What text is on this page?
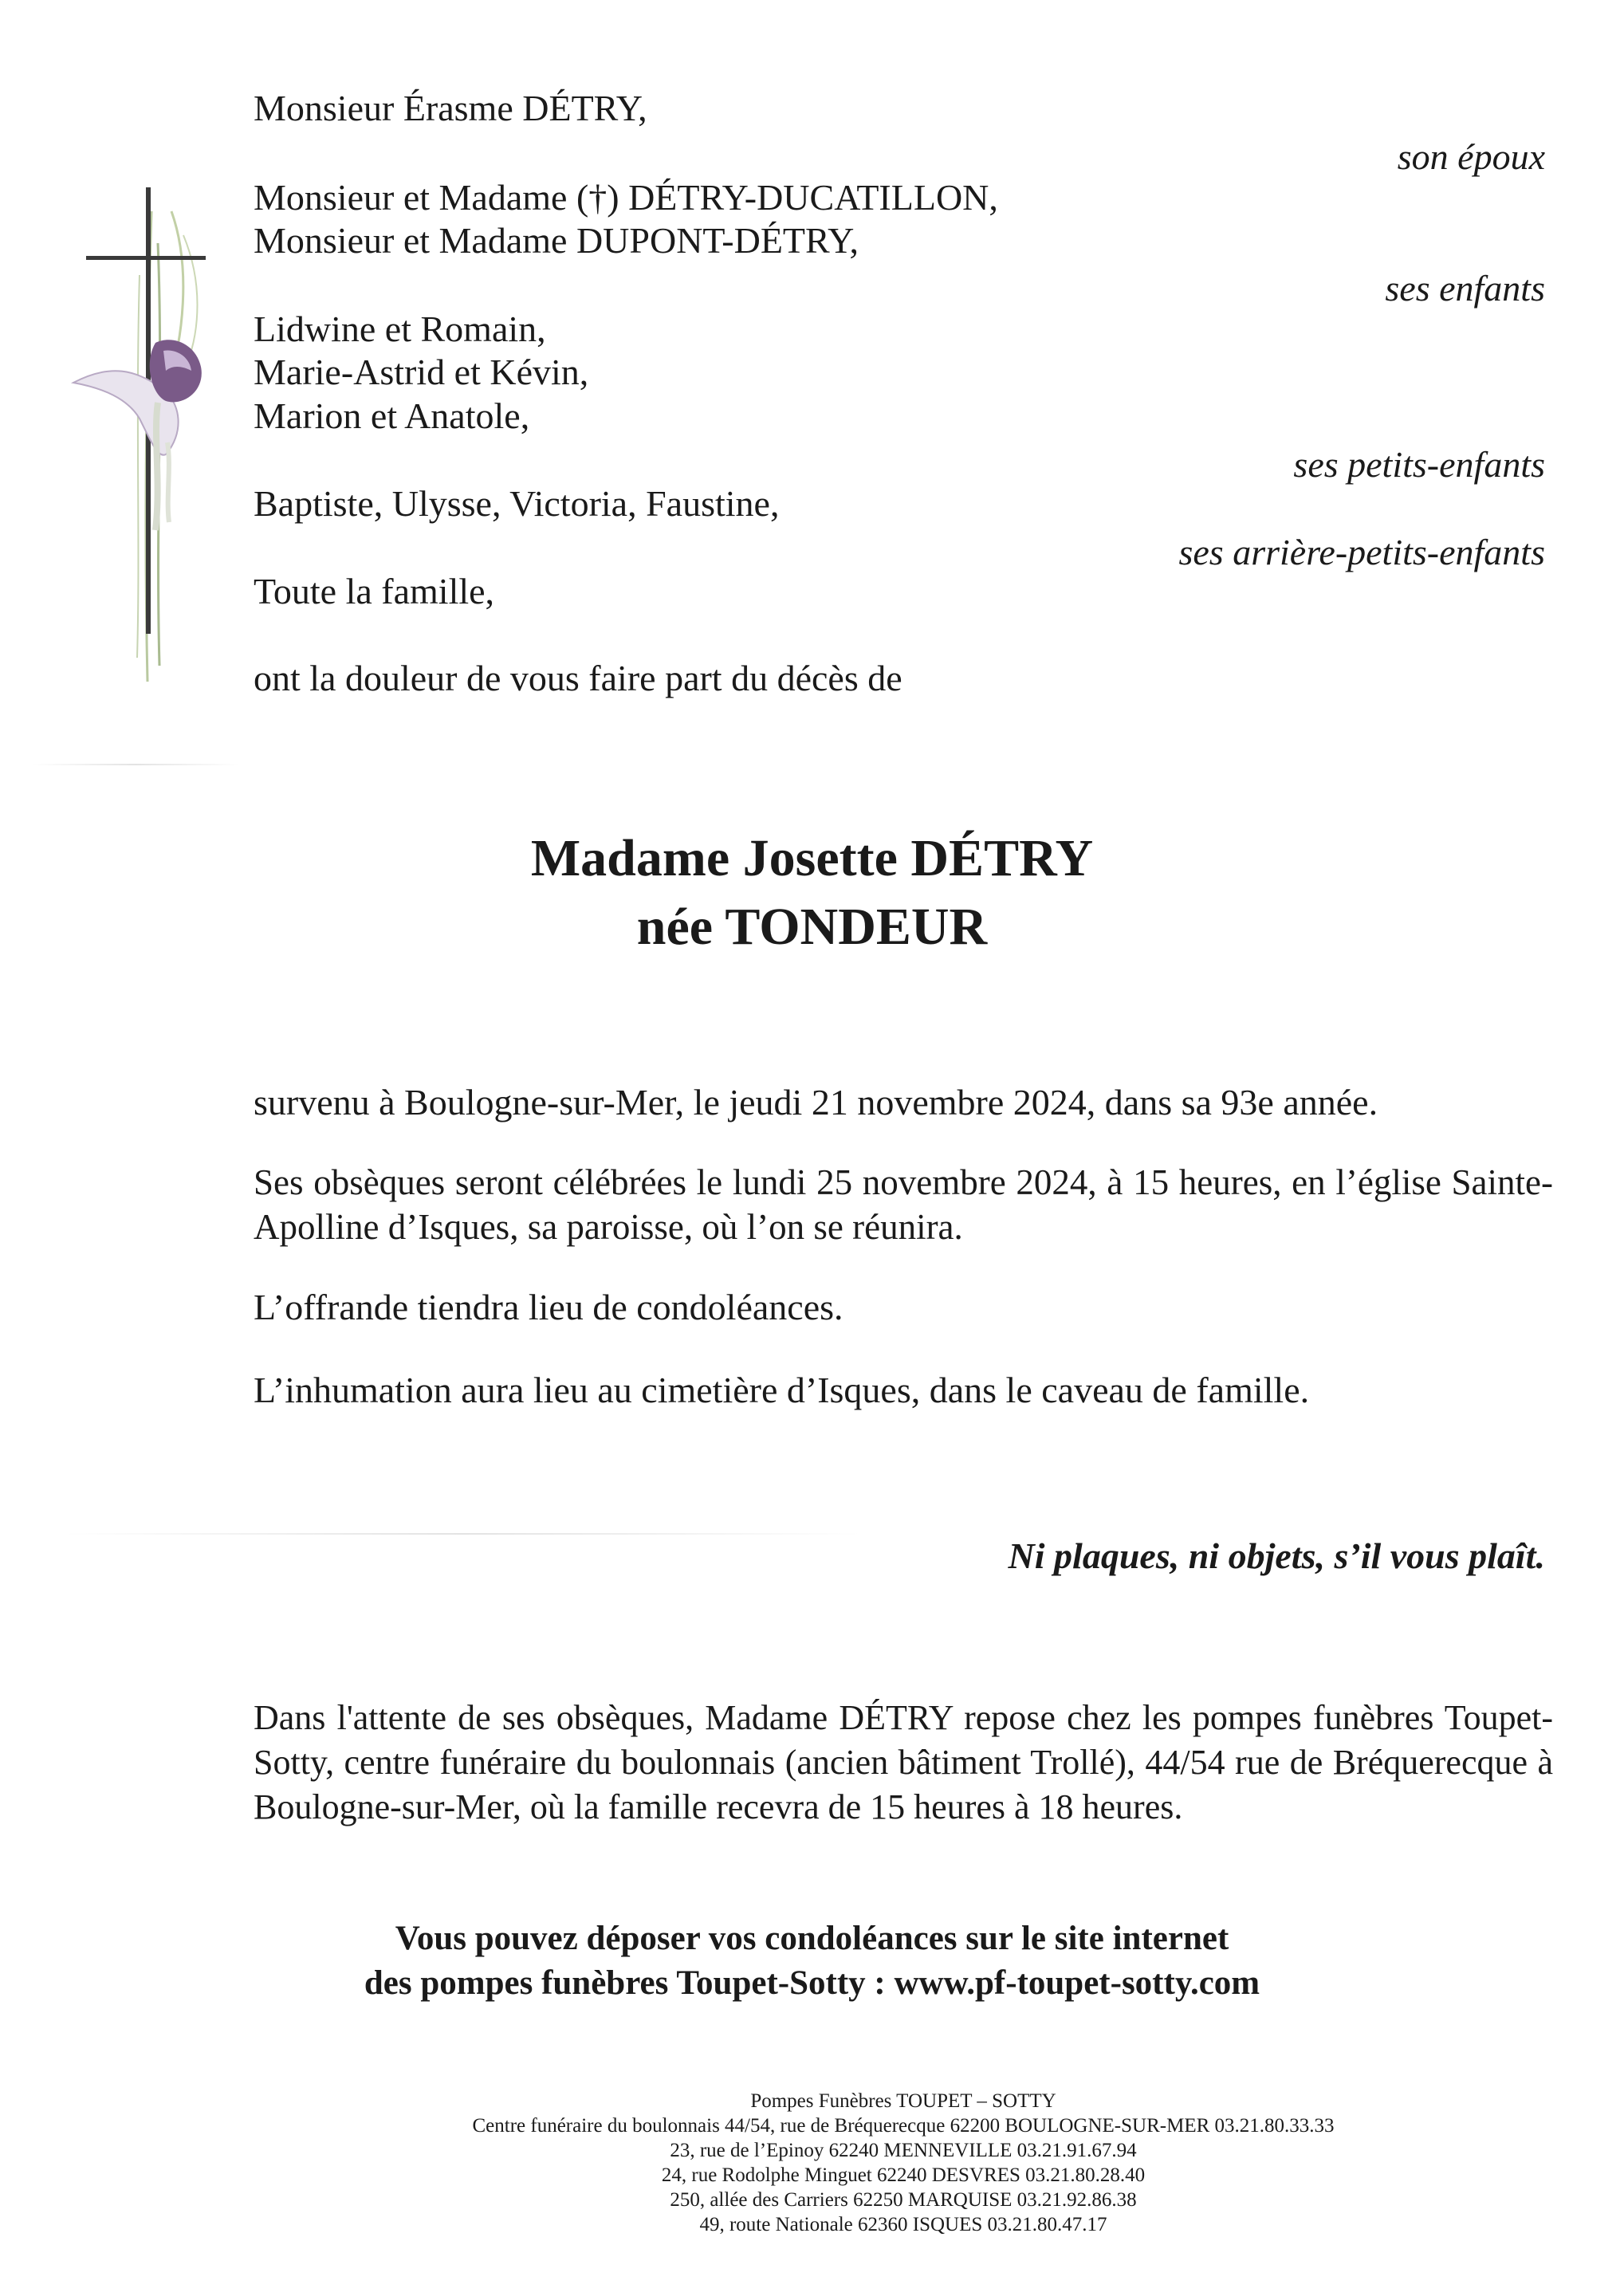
Monsieur Érasme DÉTRY,
son époux
Monsieur et Madame (†) DÉTRY-DUCATILLON,
Monsieur et Madame DUPONT-DÉTRY,
ses enfants
Lidwine et Romain,
Marie-Astrid et Kévin,
Marion et Anatole,
ses petits-enfants
Baptiste, Ulysse, Victoria, Faustine,
ses arrière-petits-enfants
Toute la famille,
ont la douleur de vous faire part du décès de
Madame Josette DÉTRY
née TONDEUR
survenu à Boulogne-sur-Mer, le jeudi 21 novembre 2024, dans sa 93e année.
Ses obsèques seront célébrées le lundi 25 novembre 2024, à 15 heures, en l’église Sainte-Apolline d’Isques, sa paroisse, où l’on se réunira.
L’offrande tiendra lieu de condoléances.
L’inhumation aura lieu au cimetière d’Isques, dans le caveau de famille.
Ni plaques, ni objets, s’il vous plaît.
Dans l'attente de ses obsèques, Madame DÉTRY repose chez les pompes funèbres Toupet-Sotty, centre funéraire du boulonnais (ancien bâtiment Trollé), 44/54 rue de Bréquerecque à Boulogne-sur-Mer, où la famille recevra de 15 heures à 18 heures.
Vous pouvez déposer vos condoléances sur le site internet
des pompes funèbres Toupet-Sotty : www.pf-toupet-sotty.com
Pompes Funèbres TOUPET – SOTTY
Centre funéraire du boulonnais 44/54, rue de Bréquerecque 62200 BOULOGNE-SUR-MER 03.21.80.33.33
23, rue de l’Epinoy 62240 MENNEVILLE 03.21.91.67.94
24, rue Rodolphe Minguet 62240 DESVRES 03.21.80.28.40
250, allée des Carriers 62250 MARQUISE 03.21.92.86.38
49, route Nationale 62360 ISQUES 03.21.80.47.17
